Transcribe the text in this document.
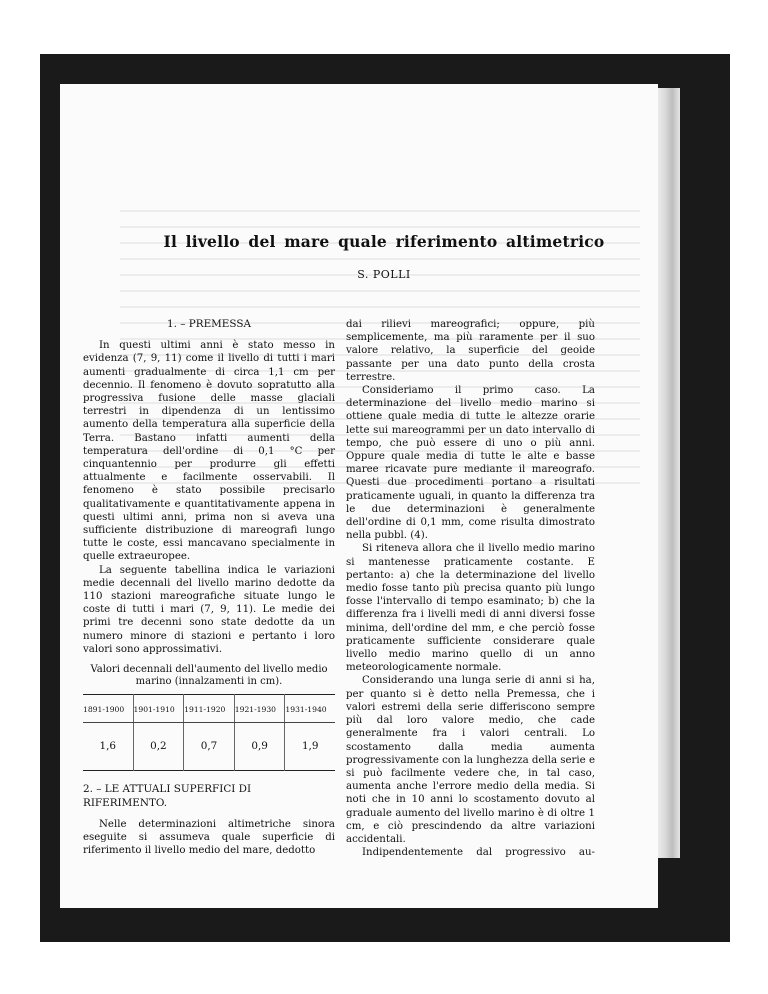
Il livello del mare quale riferimento altimetrico
S. POLLI
1. – PREMESSA

In questi ultimi anni è stato messo in evidenza (7, 9, 11) come il livello di tutti i mari aumenti gradualmente di circa 1,1 cm per decennio. Il fenomeno è dovuto sopratutto alla progressiva fusione delle masse glaciali terrestri in dipendenza di un lentissimo aumento della temperatura alla superficie della Terra. Bastano infatti aumenti della temperatura dell'ordine di 0,1 °C per cinquantennio per produrre gli effetti attualmente e facilmente osservabili. Il fenomeno è stato possibile precisarlo qualitativamente e quantitativamente appena in questi ultimi anni, prima non si aveva una sufficiente distribuzione di mareografi lungo tutte le coste, essi mancavano specialmente in quelle extraeuropee.

La seguente tabellina indica le variazioni medie decennali del livello marino dedotte da 110 stazioni mareografiche situate lungo le coste di tutti i mari (7, 9, 11). Le medie dei primi tre decenni sono state dedotte da un numero minore di stazioni e pertanto i loro valori sono approssimativi.

Valori decennali dell'aumento del livello medio marino (innalzamenti in cm).
1891-1900	1901-1910	1911-1920	1921-1930	1931-1940
1,6	0,2	0,7	0,9	1,9
2. – LE ATTUALI SUPERFICI DI RIFERIMENTO.

Nelle determinazioni altimetriche sinora eseguite si assumeva quale superficie di riferimento il livello medio del mare, dedotto

dai rilievi mareografici; oppure, più semplicemente, ma più raramente per il suo valore relativo, la superficie del geoide passante per una dato punto della crosta terrestre.

Consideriamo il primo caso. La determinazione del livello medio marino si ottiene quale media di tutte le altezze orarie lette sui mareogrammi per un dato intervallo di tempo, che può essere di uno o più anni. Oppure quale media di tutte le alte e basse maree ricavate pure mediante il mareografo. Questi due procedimenti portano a risultati praticamente uguali, in quanto la differenza tra le due determinazioni è generalmente dell'ordine di 0,1 mm, come risulta dimostrato nella pubbl. (4).

Si riteneva allora che il livello medio marino si mantenesse praticamente costante. E pertanto: a) che la determinazione del livello medio fosse tanto più precisa quanto più lungo fosse l'intervallo di tempo esaminato; b) che la differenza fra i livelli medi di anni diversi fosse minima, dell'ordine del mm, e che perciò fosse praticamente sufficiente considerare quale livello medio marino quello di un anno meteorologicamente normale.

Considerando una lunga serie di anni si ha, per quanto si è detto nella Premessa, che i valori estremi della serie differiscono sempre più dal loro valore medio, che cade generalmente fra i valori centrali. Lo scostamento dalla media aumenta progressivamente con la lunghezza della serie e si può facilmente vedere che, in tal caso, aumenta anche l'errore medio della media. Si noti che in 10 anni lo scostamento dovuto al graduale aumento del livello marino è di oltre 1 cm, e ciò prescindendo da altre variazioni accidentali.

Indipendentemente dal progressivo au-
